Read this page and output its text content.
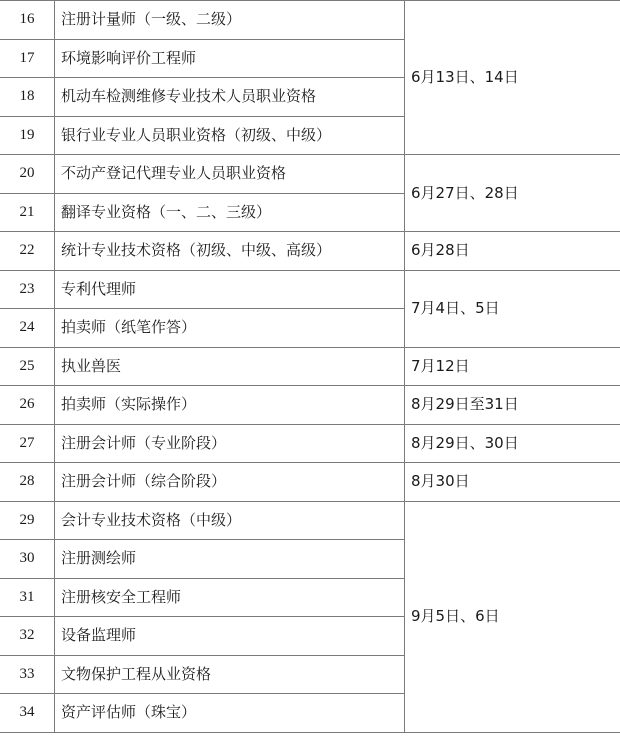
16	注册计量师（一级、二级）	6月13日、14日
17	环境影响评价工程师	
18	机动车检测维修专业技术人员职业资格	
19	银行业专业人员职业资格（初级、中级）	
20	不动产登记代理专业人员职业资格	6月27日、28日
21	翻译专业资格（一、二、三级）	
22	统计专业技术资格（初级、中级、高级）	6月28日
23	专利代理师	7月4日、5日
24	拍卖师（纸笔作答）	
25	执业兽医	7月12日
26	拍卖师（实际操作）	8月29日至31日
27	注册会计师（专业阶段）	8月29日、30日
28	注册会计师（综合阶段）	8月30日
29	会计专业技术资格（中级）	9月5日、6日
30	注册测绘师	
31	注册核安全工程师	
32	设备监理师	
33	文物保护工程从业资格	
34	资产评估师（珠宝）	
